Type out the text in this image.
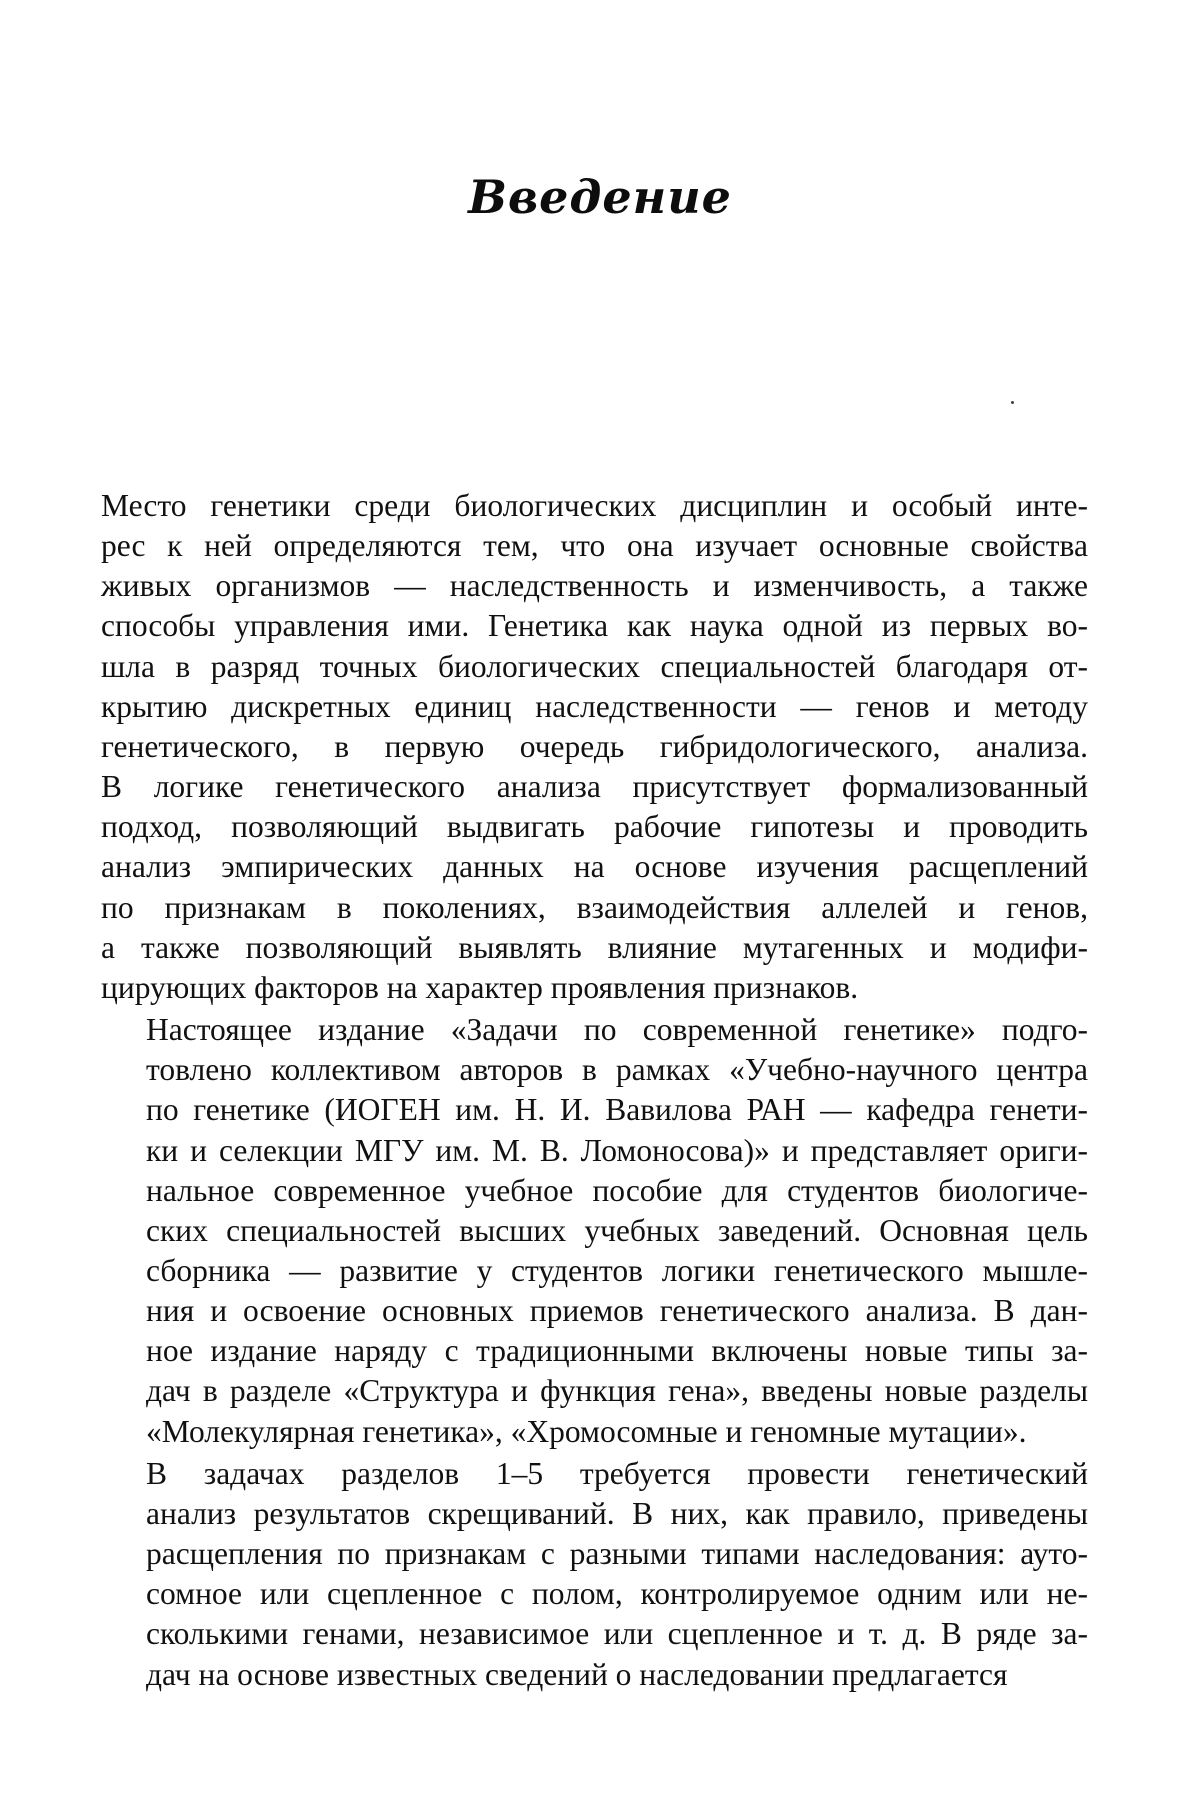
Введение

Место генетики среди биологических дисциплин и особый инте-
рес к ней определяются тем, что она изучает основные свойства
живых организмов — наследственность и изменчивость, а также
способы управления ими. Генетика как наука одной из первых во-
шла в разряд точных биологических специальностей благодаря от-
крытию дискретных единиц наследственности — генов и методу
генетического, в первую очередь гибридологического, анализа.
В логике генетического анализа присутствует формализованный
подход, позволяющий выдвигать рабочие гипотезы и проводить
анализ эмпирических данных на основе изучения расщеплений
по признакам в поколениях, взаимодействия аллелей и генов,
а также позволяющий выявлять влияние мутагенных и модифи-
цирующих факторов на характер проявления признаков.

Настоящее издание «Задачи по современной генетике» подго-
товлено коллективом авторов в рамках «Учебно-научного центра
по генетике (ИОГЕН им. Н. И. Вавилова РАН — кафедра генети-
ки и селекции МГУ им. М. В. Ломоносова)» и представляет ориги-
нальное современное учебное пособие для студентов биологиче-
ских специальностей высших учебных заведений. Основная цель
сборника — развитие у студентов логики генетического мышле-
ния и освоение основных приемов генетического анализа. В дан-
ное издание наряду с традиционными включены новые типы за-
дач в разделе «Структура и функция гена», введены новые разделы
«Молекулярная генетика», «Хромосомные и геномные мутации».

В задачах разделов 1–5 требуется провести генетический
анализ результатов скрещиваний. В них, как правило, приведены
расщепления по признакам с разными типами наследования: ауто-
сомное или сцепленное с полом, контролируемое одним или не-
сколькими генами, независимое или сцепленное и т. д. В ряде за-
дач на основе известных сведений о наследовании предлагается
